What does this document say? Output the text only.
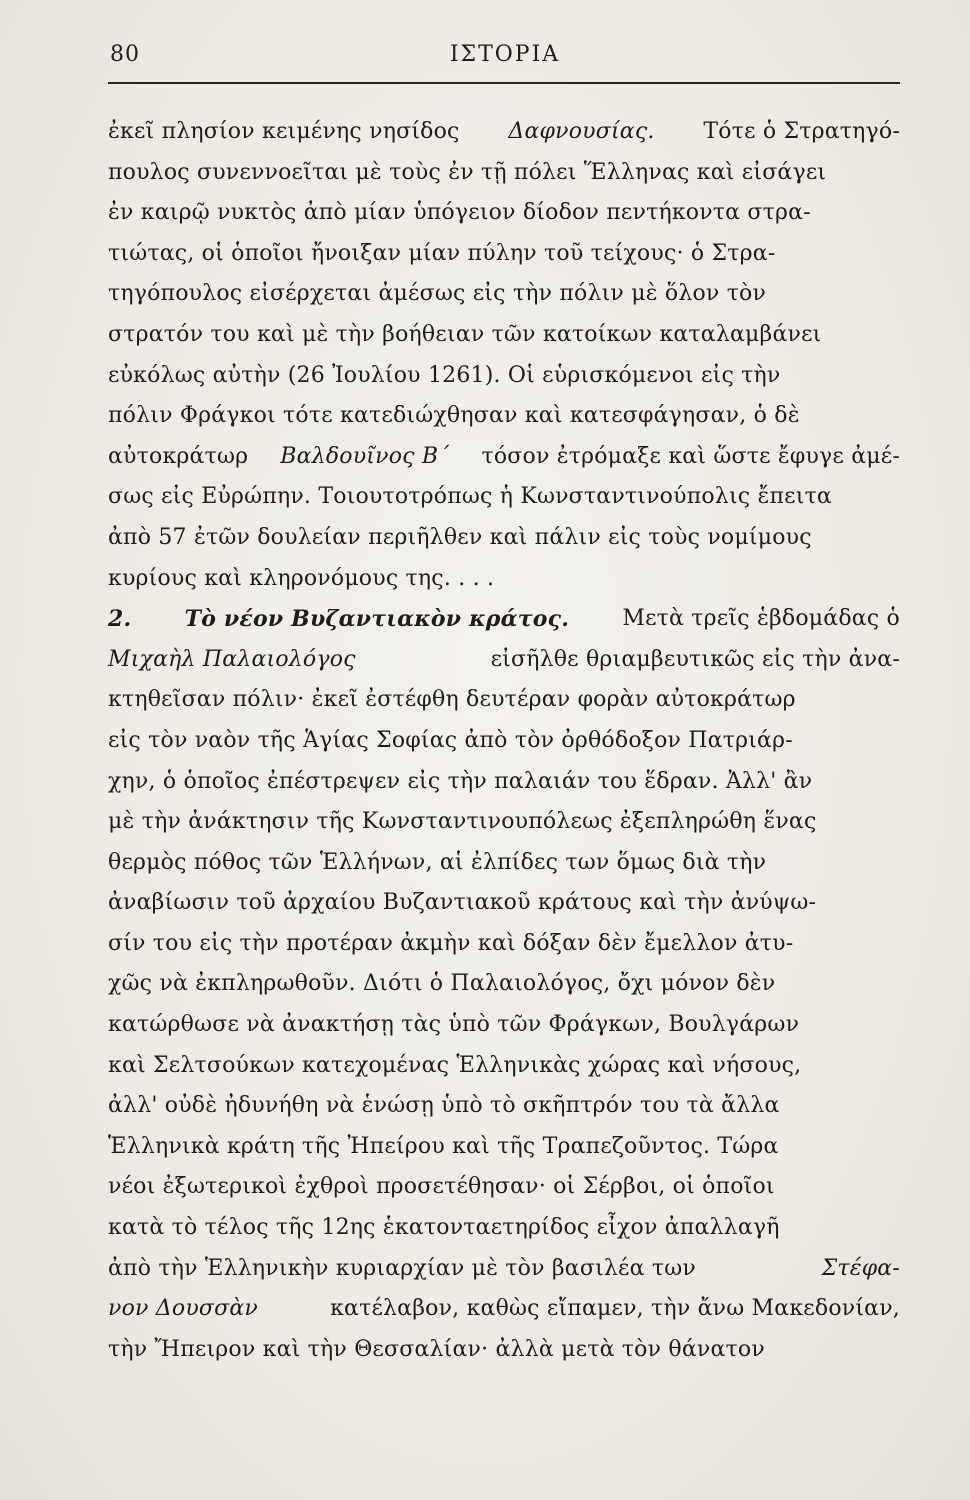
80	ΙΣΤΟΡΙΑ
ἐκεῖ πλησίον κειμένης νησίδος Δαφνουσίας. Τότε ὁ Στρατηγό-
πουλος συνεννοεῖται μὲ τοὺς ἐν τῇ πόλει Ἕλληνας καὶ εἰσάγει
ἐν καιρῷ νυκτὸς ἀπὸ μίαν ὑπόγειον δίοδον πεντήκοντα στρα-
τιώτας, οἱ ὁποῖοι ἤνοιξαν μίαν πύλην τοῦ τείχους· ὁ Στρα-
τηγόπουλος εἰσέρχεται ἀμέσως εἰς τὴν πόλιν μὲ ὅλον τὸν
στρατόν του καὶ μὲ τὴν βοήθειαν τῶν κατοίκων καταλαμβάνει
εὐκόλως αὐτὴν (26 Ἰουλίου 1261). Οἱ εὑρισκόμενοι εἰς τὴν
πόλιν Φράγκοι τότε κατεδιώχθησαν καὶ κατεσφάγησαν, ὁ δὲ
αὐτοκράτωρ Βαλδουῖνος Β΄ τόσον ἐτρόμαξε καὶ ὥστε ἔφυγε ἀμέ-
σως εἰς Εὐρώπην. Τοιουτοτρόπως ἡ Κωνσταντινούπολις ἔπειτα
ἀπὸ 57 ἐτῶν δουλείαν περιῆλθεν καὶ πάλιν εἰς τοὺς νομίμους
κυρίους καὶ κληρονόμους της. . . .
2. Τὸ νέον Βυζαντιακὸν κράτος. Μετὰ τρεῖς ἑβδομάδας ὁ
Μιχαὴλ Παλαιολόγος	εἰσῆλθε θριαμβευτικῶς εἰς τὴν ἀνα-
κτηθεῖσαν πόλιν· ἐκεῖ ἐστέφθη δευτέραν φορὰν αὐτοκράτωρ
εἰς τὸν ναὸν τῆς Ἁγίας Σοφίας ἀπὸ τὸν ὀρθόδοξον Πατριάρ-
χην, ὁ ὁποῖος ἐπέστρεψεν εἰς τὴν παλαιάν του ἕδραν. Ἀλλ' ἂν
μὲ τὴν ἀνάκτησιν τῆς Κωνσταντινουπόλεως ἐξεπληρώθη ἕνας
θερμὸς πόθος τῶν Ἑλλήνων, αἱ ἐλπίδες των ὅμως διὰ τὴν
ἀναβίωσιν τοῦ ἀρχαίου Βυζαντιακοῦ κράτους καὶ τὴν ἀνύψω-
σίν του εἰς τὴν προτέραν ἀκμὴν καὶ δόξαν δὲν ἔμελλον ἀτυ-
χῶς νὰ ἐκπληρωθοῦν. Διότι ὁ Παλαιολόγος, ὄχι μόνον δὲν
κατώρθωσε νὰ ἀνακτήσῃ τὰς ὑπὸ τῶν Φράγκων, Βουλγάρων
καὶ Σελτσούκων κατεχομένας Ἑλληνικὰς χώρας καὶ νήσους,
ἀλλ' οὐδὲ ἠδυνήθη νὰ ἑνώσῃ ὑπὸ τὸ σκῆπτρόν του τὰ ἄλλα
Ἑλληνικὰ κράτη τῆς Ἠπείρου καὶ τῆς Τραπεζοῦντος. Τώρα
νέοι ἐξωτερικοὶ ἐχθροὶ προσετέθησαν· οἱ Σέρβοι, οἱ ὁποῖοι
κατὰ τὸ τέλος τῆς 12ης ἑκατονταετηρίδος εἶχον ἀπαλλαγῆ
ἀπὸ τὴν Ἑλληνικὴν κυριαρχίαν μὲ τὸν βασιλέα των	Στέφα-
νον Δουσσὰν	κατέλαβον, καθὼς εἴπαμεν, τὴν ἄνω Μακεδονίαν,
τὴν Ἤπειρον καὶ τὴν Θεσσαλίαν· ἀλλὰ μετὰ τὸν θάνατον
